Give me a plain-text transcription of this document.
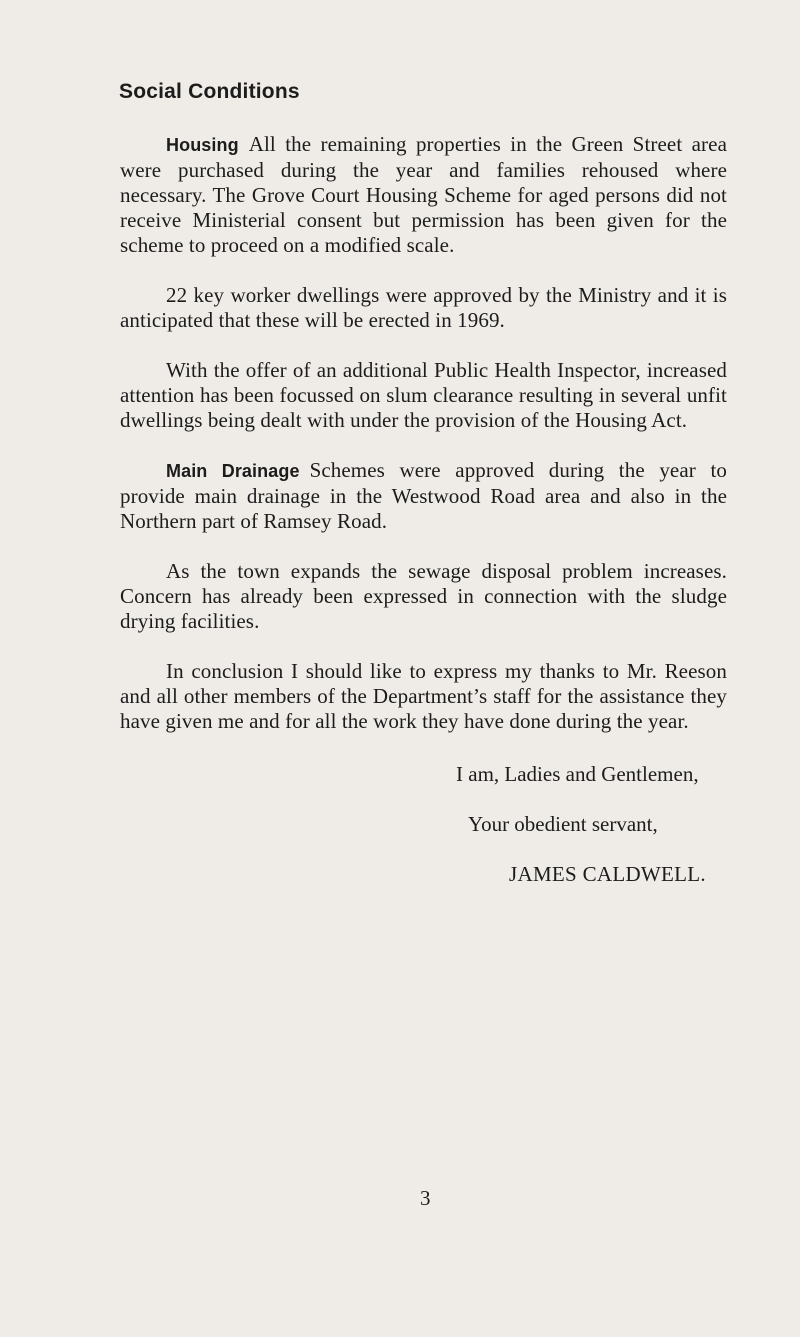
Social Conditions

Housing All the remaining properties in the Green Street area were purchased during the year and families rehoused where necessary. The Grove Court Housing Scheme for aged persons did not receive Ministerial consent but permission has been given for the scheme to proceed on a modified scale.

22 key worker dwellings were approved by the Ministry and it is anticipated that these will be erected in 1969.

With the offer of an additional Public Health Inspector, increased attention has been focussed on slum clearance resulting in several unfit dwellings being dealt with under the provision of the Housing Act.

Main Drainage Schemes were approved during the year to provide main drainage in the Westwood Road area and also in the Northern part of Ramsey Road.

As the town expands the sewage disposal problem increases. Concern has already been expressed in connection with the sludge drying facilities.

In conclusion I should like to express my thanks to Mr. Reeson and all other members of the Department’s staff for the assistance they have given me and for all the work they have done during the year.

I am, Ladies and Gentlemen,
Your obedient servant,
JAMES CALDWELL.
3
